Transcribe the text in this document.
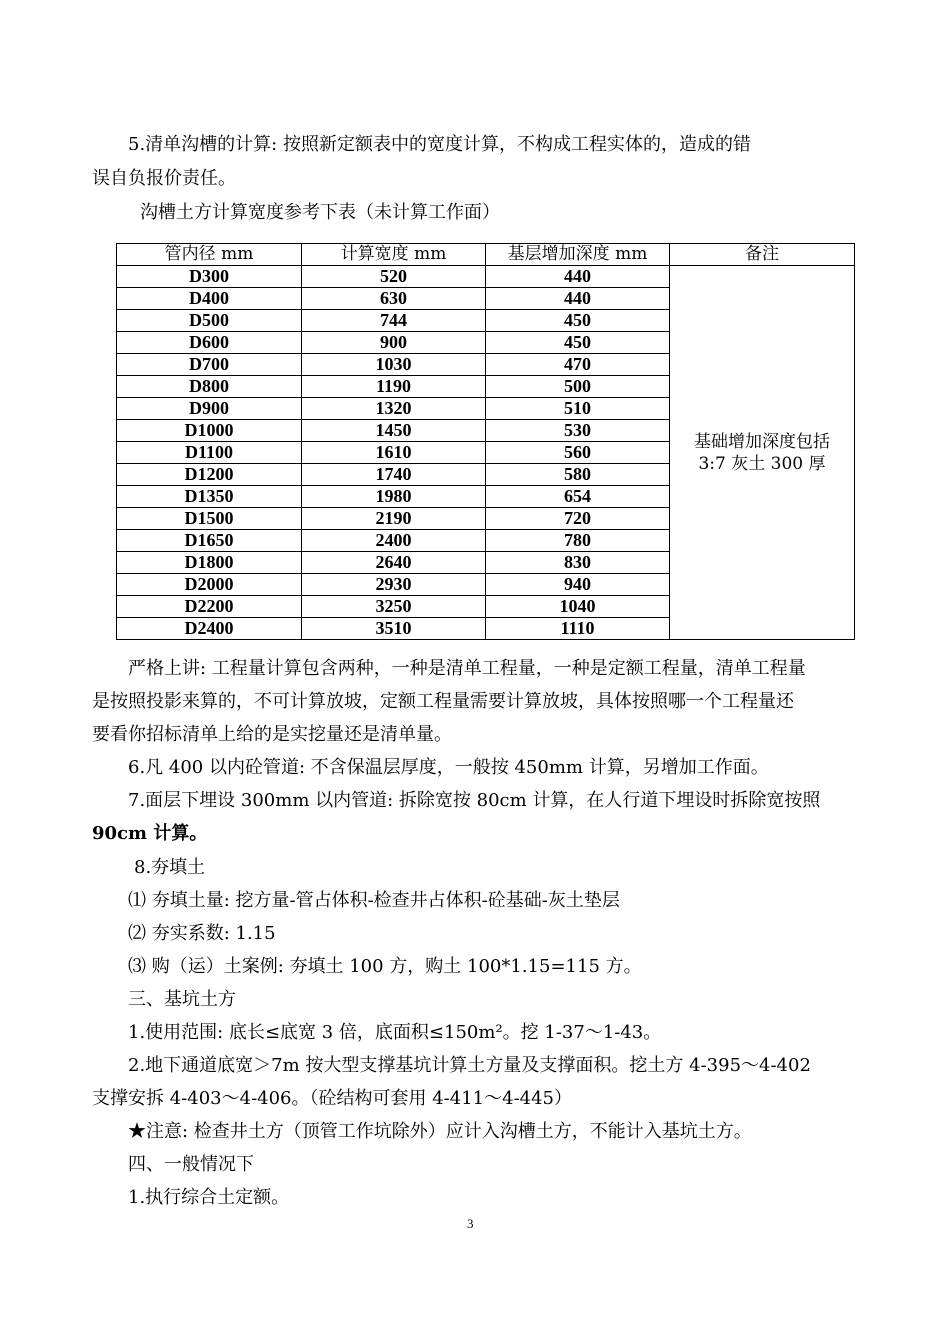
5.清单沟槽的计算: 按照新定额表中的宽度计算，不构成工程实体的，造成的错
误自负报价责任。
沟槽土方计算宽度参考下表（未计算工作面）
管内径 mm	计算宽度 mm	基层增加深度 mm	备注
D300	520	440	基础增加深度包括
3:7 灰土 300 厚

D400	630	440	
D500	744	450	
D600	900	450	
D700	1030	470	
D800	1190	500	
D900	1320	510	
D1000	1450	530	
D1100	1610	560	
D1200	1740	580	
D1350	1980	654	
D1500	2190	720	
D1650	2400	780	
D1800	2640	830	
D2000	2930	940	
D2200	3250	1040	
D2400	3510	1110	
严格上讲: 工程量计算包含两种，一种是清单工程量，一种是定额工程量，清单工程量
是按照投影来算的，不可计算放坡，定额工程量需要计算放坡，具体按照哪一个工程量还
要看你招标清单上给的是实挖量还是清单量。
6.凡 400 以内砼管道: 不含保温层厚度，一般按 450mm 计算，另增加工作面。
7.面层下埋设 300mm 以内管道: 拆除宽按 80cm 计算，在人行道下埋设时拆除宽按照
90cm 计算。
8.夯填土
⑴ 夯填土量: 挖方量-管占体积-检查井占体积-砼基础-灰土垫层
⑵ 夯实系数: 1.15
⑶ 购（运）土案例: 夯填土 100 方，购土 100*1.15=115 方。
三、基坑土方
1.使用范围: 底长≤底宽 3 倍，底面积≤150m²。挖 1-37～1-43。
2.地下通道底宽＞7m 按大型支撑基坑计算土方量及支撑面积。挖土方 4-395～4-402
支撑安拆 4-403～4-406。（砼结构可套用 4-411～4-445）
★注意: 检查井土方（顶管工作坑除外）应计入沟槽土方，不能计入基坑土方。
四、一般情况下
1.执行综合土定额。
3
